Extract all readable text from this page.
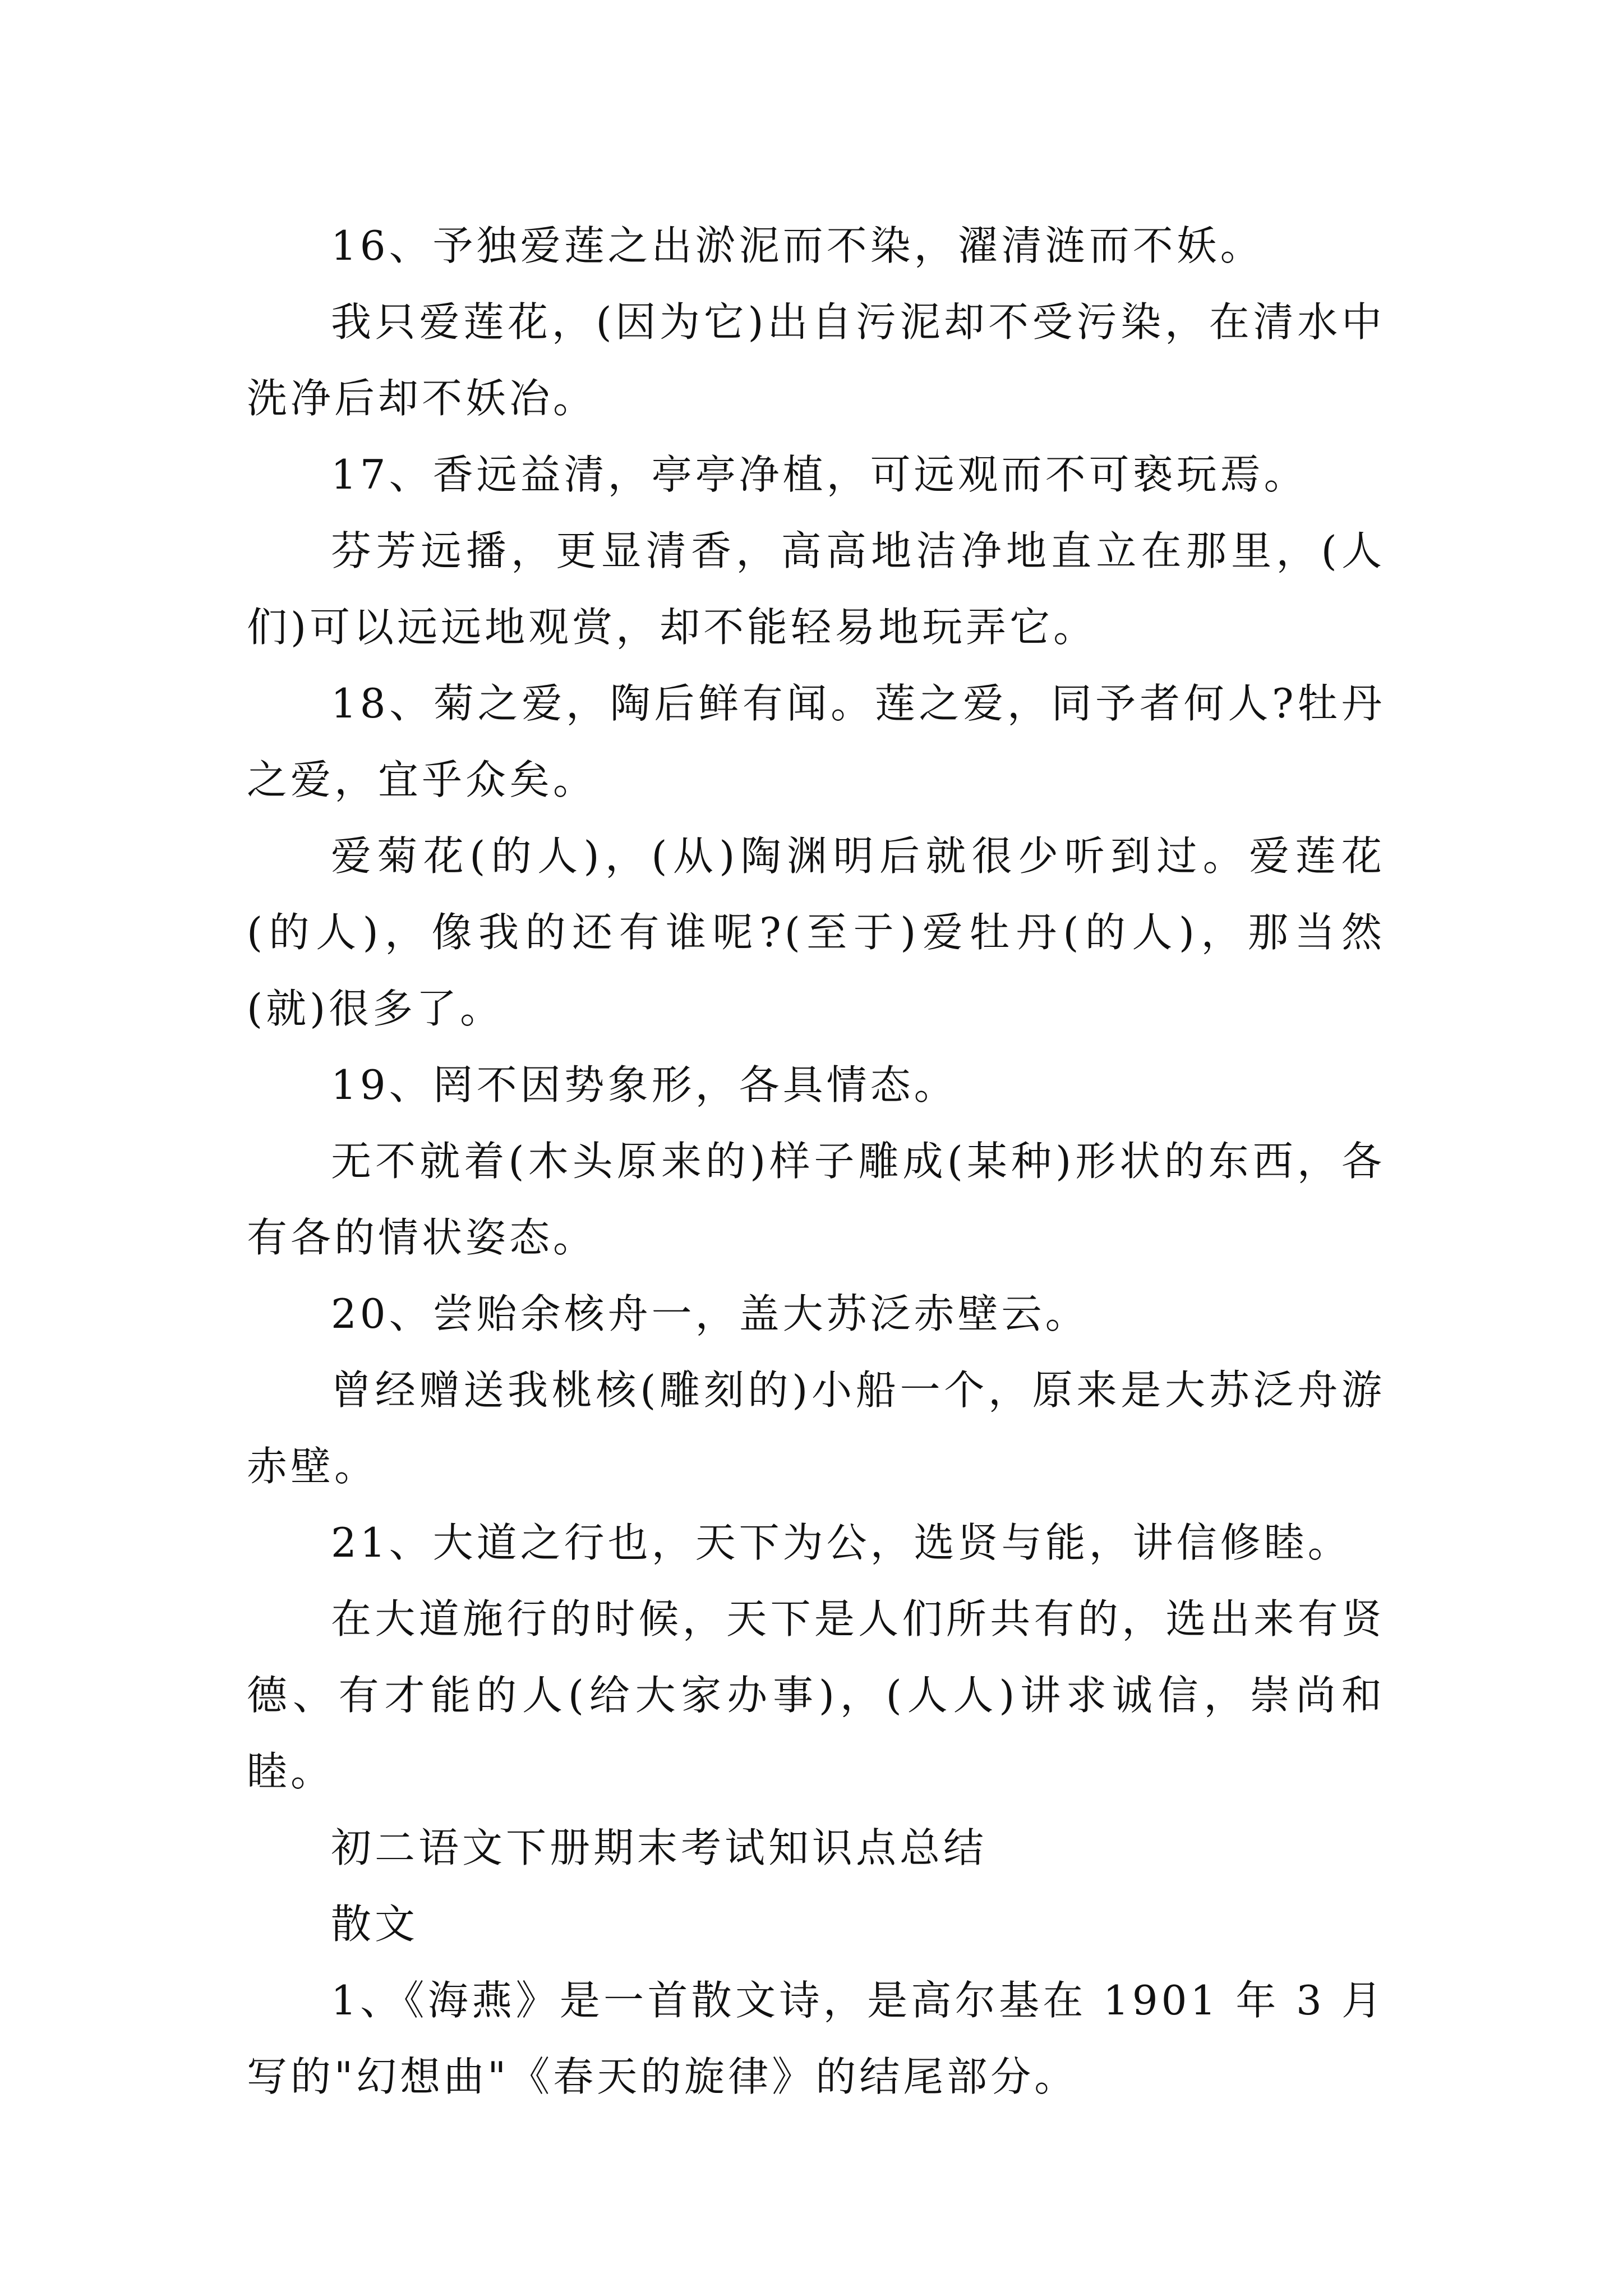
16、予独爱莲之出淤泥而不染，濯清涟而不妖。

我只爱莲花，(因为它)出自污泥却不受污染，在清水中洗净后却不妖冶。

17、香远益清，亭亭净植，可远观而不可亵玩焉。

芬芳远播，更显清香，高高地洁净地直立在那里，(人们)可以远远地观赏，却不能轻易地玩弄它。

18、菊之爱，陶后鲜有闻。莲之爱，同予者何人?牡丹之爱，宜乎众矣。

爱菊花(的人)，(从)陶渊明后就很少听到过。爱莲花(的人)，像我的还有谁呢?(至于)爱牡丹(的人)，那当然(就)很多了。

19、罔不因势象形，各具情态。

无不就着(木头原来的)样子雕成(某种)形状的东西，各有各的情状姿态。

20、尝贻余核舟一，盖大苏泛赤壁云。

曾经赠送我桃核(雕刻的)小船一个，原来是大苏泛舟游赤壁。

21、大道之行也，天下为公，选贤与能，讲信修睦。

在大道施行的时候，天下是人们所共有的，选出来有贤德、有才能的人(给大家办事)，(人人)讲求诚信，崇尚和睦。

初二语文下册期末考试知识点总结

散文

1、《海燕》是一首散文诗，是高尔基在 1901 年 3 月写的"幻想曲"《春天的旋律》的结尾部分。
